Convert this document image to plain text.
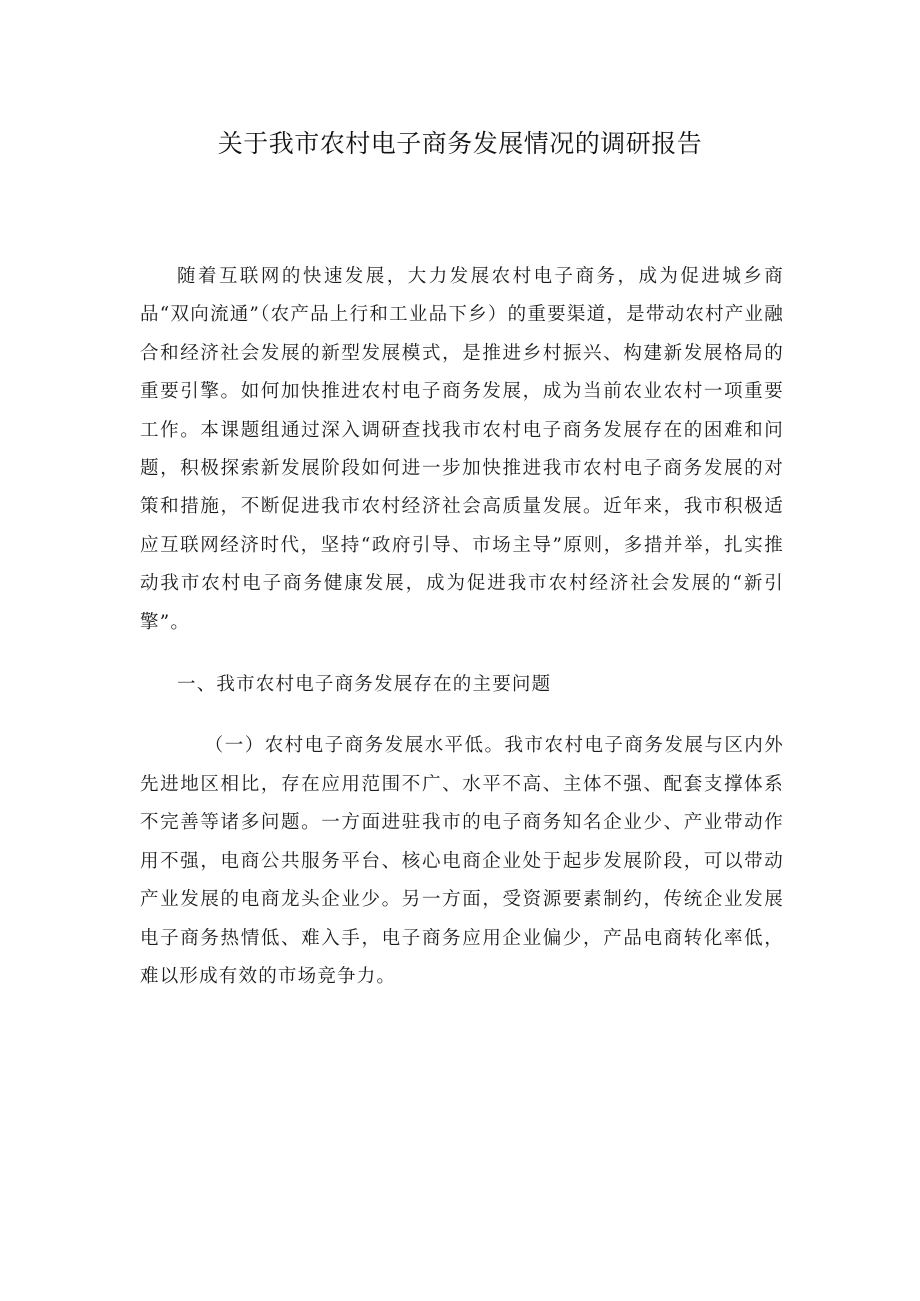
关于我市农村电子商务发展情况的调研报告

随着互联网的快速发展，大力发展农村电子商务，成为促进城乡商品“双向流通”（农产品上行和工业品下乡）的重要渠道，是带动农村产业融合和经济社会发展的新型发展模式，是推进乡村振兴、构建新发展格局的重要引擎。如何加快推进农村电子商务发展，成为当前农业农村一项重要工作。本课题组通过深入调研查找我市农村电子商务发展存在的困难和问题，积极探索新发展阶段如何进一步加快推进我市农村电子商务发展的对策和措施，不断促进我市农村经济社会高质量发展。近年来，我市积极适应互联网经济时代，坚持“政府引导、市场主导”原则，多措并举，扎实推动我市农村电子商务健康发展，成为促进我市农村经济社会发展的“新引擎”。

一、我市农村电子商务发展存在的主要问题

（一）农村电子商务发展水平低。我市农村电子商务发展与区内外先进地区相比，存在应用范围不广、水平不高、主体不强、配套支撑体系不完善等诸多问题。一方面进驻我市的电子商务知名企业少、产业带动作用不强，电商公共服务平台、核心电商企业处于起步发展阶段，可以带动产业发展的电商龙头企业少。另一方面，受资源要素制约，传统企业发展电子商务热情低、难入手，电子商务应用企业偏少，产品电商转化率低，难以形成有效的市场竞争力。
